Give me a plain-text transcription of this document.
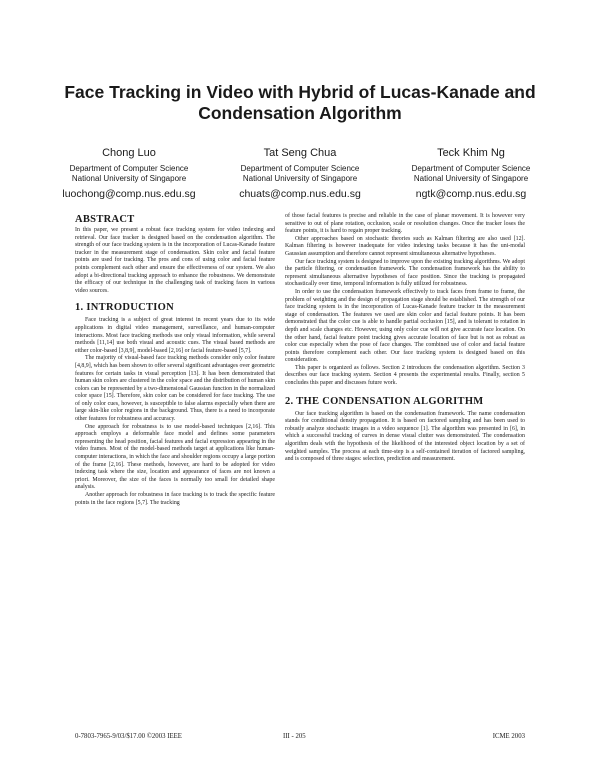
Face Tracking in Video with Hybrid of Lucas-Kanade and Condensation Algorithm
Chong Luo
Department of Computer Science
National University of Singapore
luochong@comp.nus.edu.sg
Tat Seng Chua
Department of Computer Science
National University of Singapore
chuats@comp.nus.edu.sg
Teck Khim Ng
Department of Computer Science
National University of Singapore
ngtk@comp.nus.edu.sg
ABSTRACT

In this paper, we present a robust face tracking system for video indexing and retrieval. Our face tracker is designed based on the condensation algorithm. The strength of our face tracking system is in the incorporation of Lucas-Kanade feature tracker in the measurement stage of condensation. Skin color and facial feature points are used for tracking. The pros and cons of using color and facial feature points complement each other and ensure the effectiveness of our system. We also adopt a bi-directional tracking approach to enhance the robustness. We demonstrate the efficacy of our technique in the challenging task of tracking faces in various video sources.

1. INTRODUCTION

Face tracking is a subject of great interest in recent years due to its wide applications in digital video management, surveillance, and human-computer interactions. Most face tracking methods use only visual information, while several methods [11,14] use both visual and acoustic cues. The visual based methods are either color-based [3,8,9], model-based [2,16] or facial feature-based [5,7].

The majority of visual-based face tracking methods consider only color feature [4,8,9], which has been shown to offer several significant advantages over geometric features for certain tasks in visual perception [13]. It has been demonstrated that human skin colors are clustered in the color space and the distribution of human skin colors can be represented by a two-dimensional Gaussian function in the normalized color space [15]. Therefore, skin color can be considered for face tracking. The use of only color cues, however, is susceptible to false alarms especially when there are large skin-like color regions in the background. Thus, there is a need to incorporate other features for robustness and accuracy.

One approach for robustness is to use model-based techniques [2,16]. This approach employs a deformable face model and defines some parameters representing the head position, facial features and facial expression appearing in the video frames. Most of the model-based methods target at applications like human-computer interactions, in which the face and shoulder regions occupy a large portion of the frame [2,16]. These methods, however, are hard to be adopted for video indexing task where the size, location and appearance of faces are not known a priori. Moreover, the size of the faces is normally too small for detailed shape analysis.

Another approach for robustness in face tracking is to track the specific feature points in the face regions [5,7]. The tracking

of those facial features is precise and reliable in the case of planar movement. It is however very sensitive to out of plane rotation, occlusion, scale or resolution changes. Once the tracker loses the feature points, it is hard to regain proper tracking.

Other approaches based on stochastic theories such as Kalman filtering are also used [12]. Kalman filtering is however inadequate for video indexing tasks because it has the uni-modal Gaussian assumption and therefore cannot represent simultaneous alternative hypotheses.

Our face tracking system is designed to improve upon the existing tracking algorithms. We adopt the particle filtering, or condensation framework. The condensation framework has the ability to represent simultaneous alternative hypotheses of face position. Since the tracking is propagated stochastically over time, temporal information is fully utilized for robustness.

In order to use the condensation framework effectively to track faces from frame to frame, the problem of weighting and the design of propagation stage should be established. The strength of our face tracking system is in the incorporation of Lucas-Kanade feature tracker in the measurement stage of condensation. The features we used are skin color and facial feature points. It has been demonstrated that the color cue is able to handle partial occlusion [15], and is tolerant to rotation in depth and scale changes etc. However, using only color cue will not give accurate face location. On the other hand, facial feature point tracking gives accurate location of face but is not as robust as color cue especially when the pose of face changes. The combined use of color and facial feature points therefore complement each other. Our face tracking system is designed based on this consideration.

This paper is organized as follows. Section 2 introduces the condensation algorithm. Section 3 describes our face tracking system. Section 4 presents the experimental results. Finally, section 5 concludes this paper and discusses future work.

2. THE CONDENSATION ALGORITHM

Our face tracking algorithm is based on the condensation framework. The name condensation stands for conditional density propagation. It is based on factored sampling and has been used to robustly analyze stochastic images in a video sequence [1]. The algorithm was presented in [6], in which a successful tracking of curves in dense visual clutter was demonstrated. The condensation algorithm deals with the hypothesis of the likelihood of the interested object location by a set of weighted samples. The process at each time-step is a self-contained iteration of factored sampling, and is composed of three stages: selection, prediction and measurement.

0-7803-7965-9/03/$17.00 ©2003 IEEE	III - 205	ICME 2003
